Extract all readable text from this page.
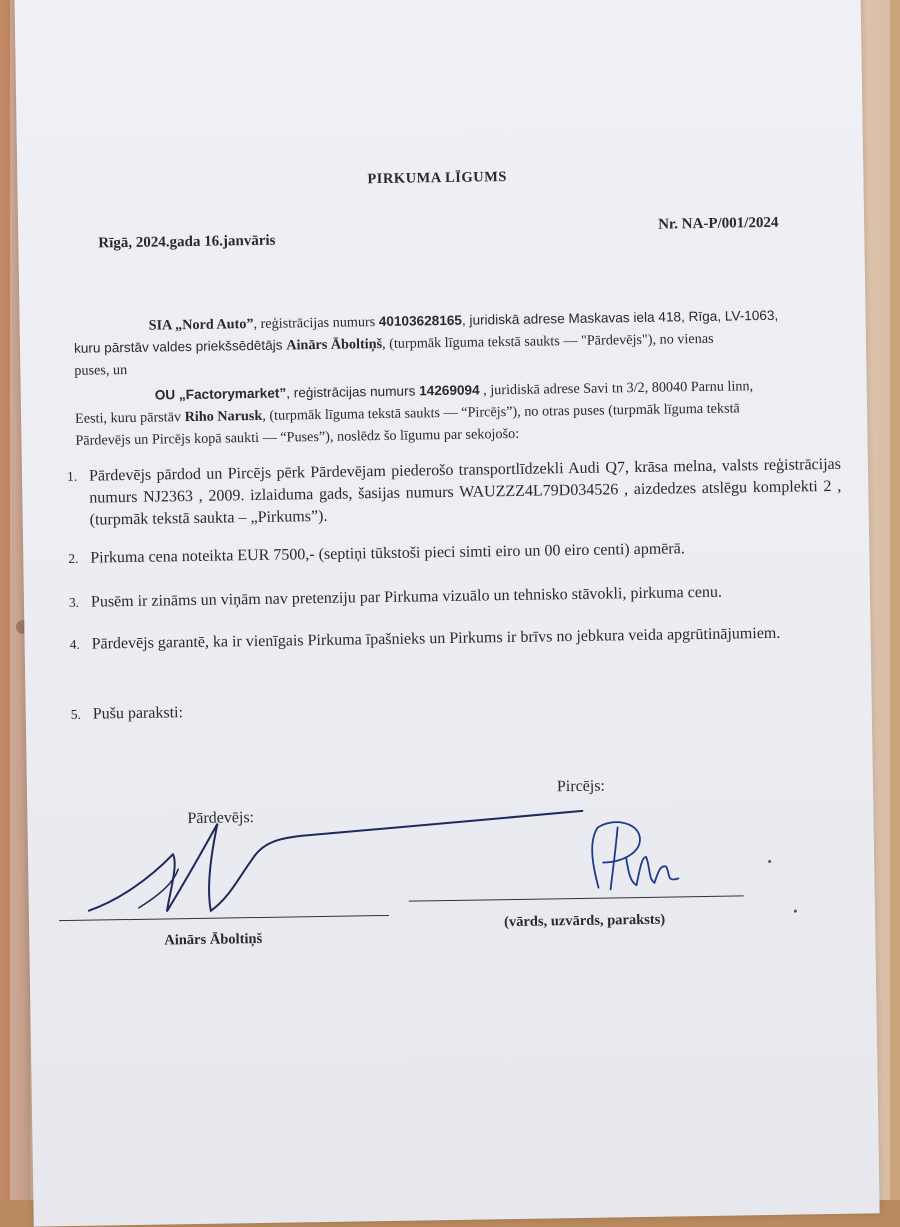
PIRKUMA LĪGUMS
Rīgā, 2024.gada 16.janvāris
Nr. NA-P/001/2024
SIA „Nord Auto”, reģistrācijas numurs 40103628165, juridiskā adrese Maskavas iela 418, Rīga, LV-1063,
kuru pārstāv valdes priekšsēdētājs Ainārs Āboltiņš, (turpmāk līguma tekstā saukts — "Pārdevējs"), no vienas
puses, un
OU „Factorymarket”, reģistrācijas numurs 14269094 , juridiskā adrese Savi tn 3/2, 80040 Parnu linn,
Eesti, kuru pārstāv Riho Narusk, (turpmāk līguma tekstā saukts — “Pircējs”), no otras puses (turpmāk līguma tekstā
Pārdevējs un Pircējs kopā saukti — “Puses”), noslēdz šo līgumu par sekojošo:
1. Pārdevējs pārdod un Pircējs pērk Pārdevējam piederošo transportlīdzekli Audi Q7, krāsa melna, valsts reģistrācijas numurs NJ2363 , 2009. izlaiduma gads, šasijas numurs WAUZZZ4L79D034526 , aizdedzes atslēgu komplekti 2 , (turpmāk tekstā saukta – „Pirkums”).
2. Pirkuma cena noteikta EUR 7500,- (septiņi tūkstoši pieci simti eiro un 00 eiro centi) apmērā.
3. Pusēm ir zināms un viņām nav pretenziju par Pirkuma vizuālo un tehnisko stāvokli, pirkuma cenu.
4. Pārdevējs garantē, ka ir vienīgais Pirkuma īpašnieks un Pirkums ir brīvs no jebkura veida apgrūtinājumiem.
5. Pušu paraksti:
Pārdevējs:
Pircējs:
Ainārs Āboltiņš
(vārds, uzvārds, paraksts)
